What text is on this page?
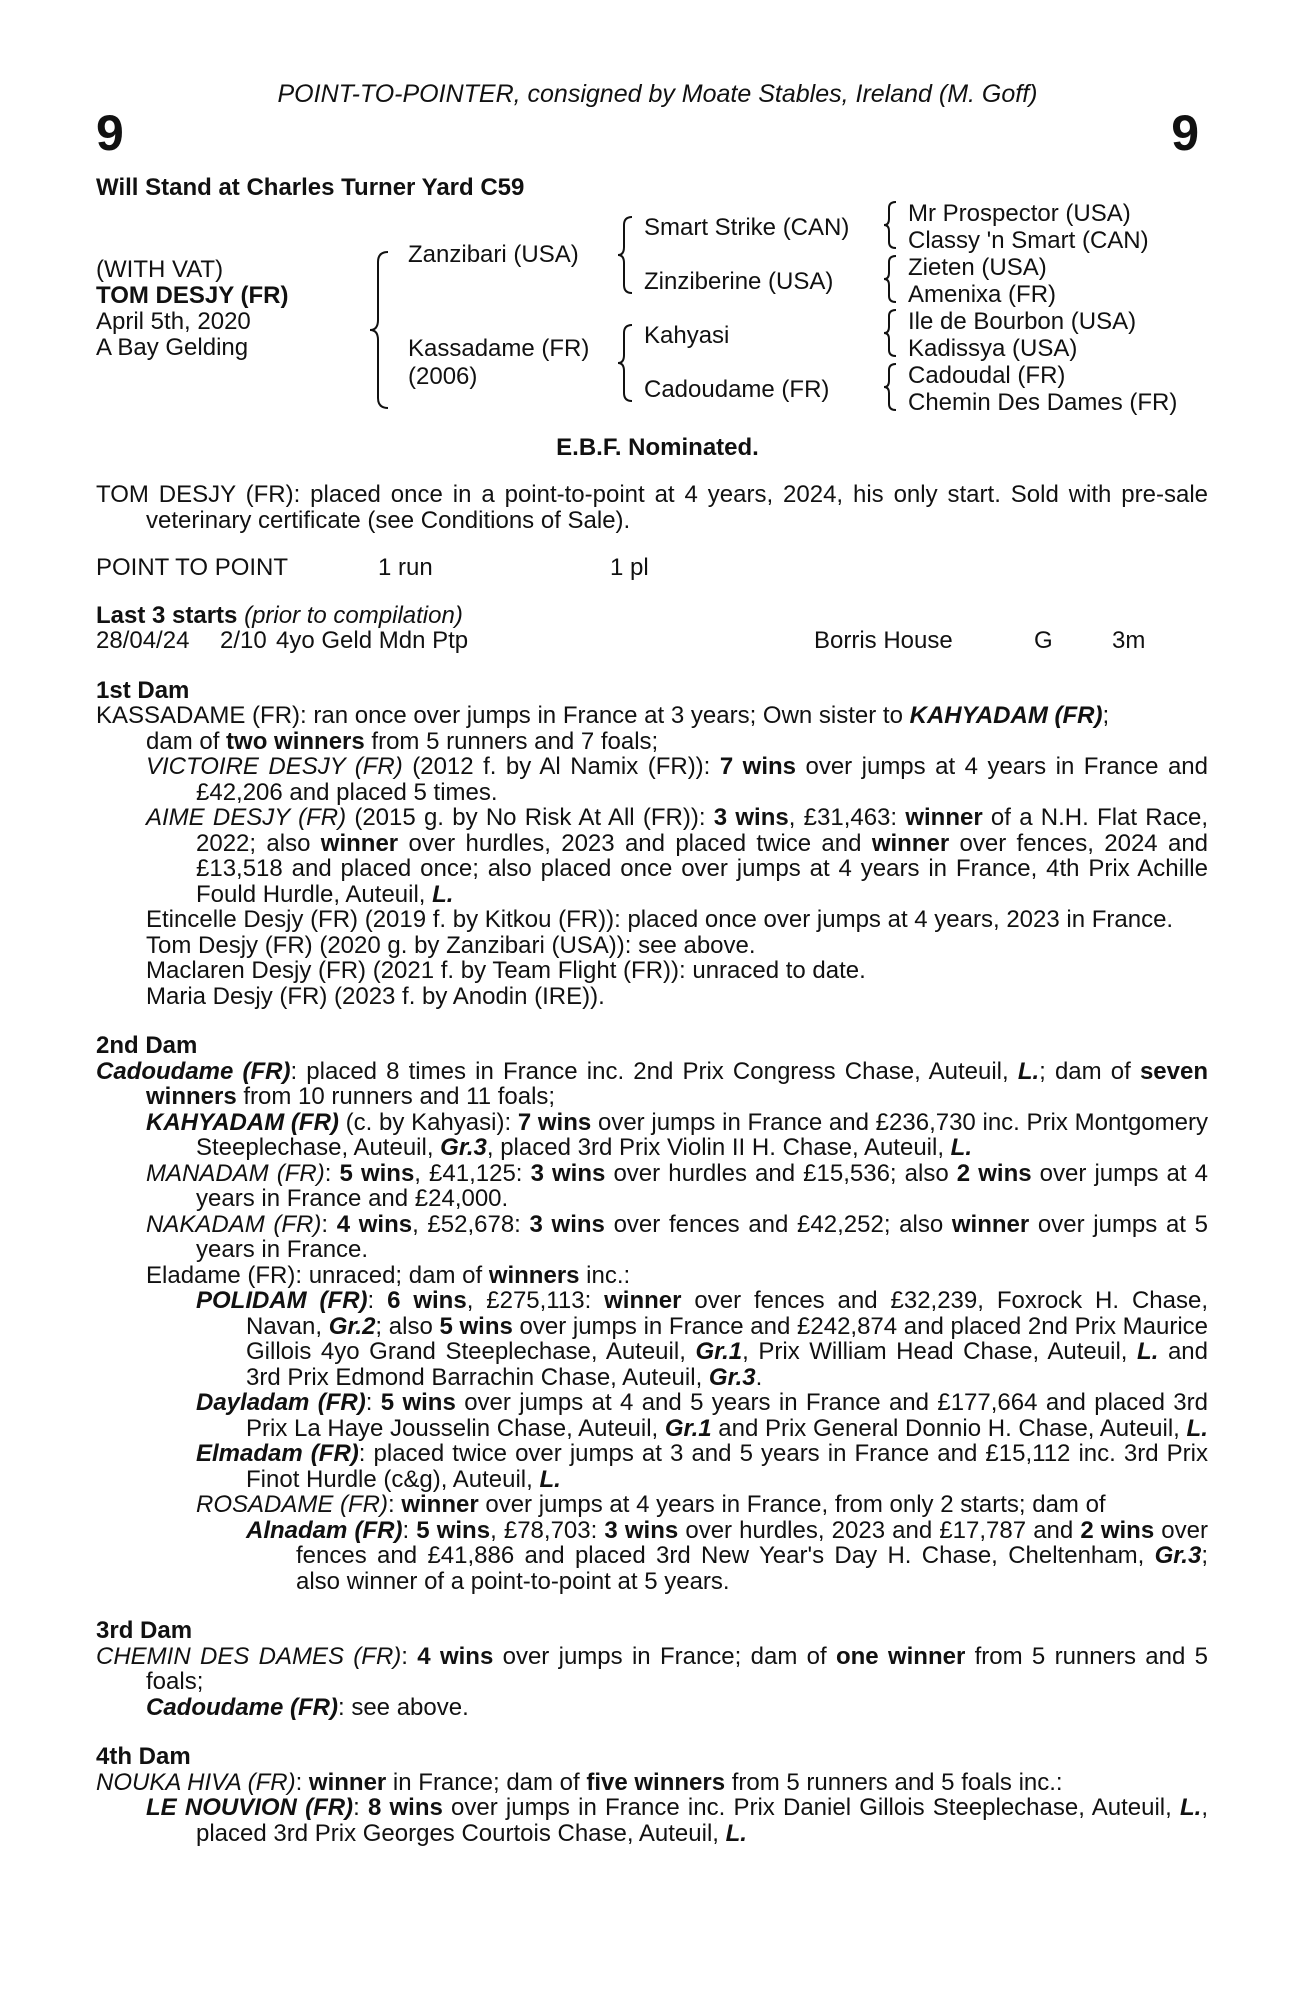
POINT-TO-POINTER, consigned by Moate Stables, Ireland (M. Goff)
9	9
Will Stand at Charles Turner Yard C59
(WITH VAT)
TOM DESJY (FR)
April 5th, 2020
A Bay Gelding
Zanzibari (USA)
Kassadame (FR)
(2006)
Smart Strike (CAN)
Zinziberine (USA)
Kahyasi
Cadoudame (FR)
Mr Prospector (USA)
Classy 'n Smart (CAN)
Zieten (USA)
Amenixa (FR)
Ile de Bourbon (USA)
Kadissya (USA)
Cadoudal (FR)
Chemin Des Dames (FR)
E.B.F. Nominated.

TOM DESJY (FR): placed once in a point-to-point at 4 years, 2024, his only start. Sold with pre-sale veterinary certificate (see Conditions of Sale).

POINT TO POINT	1 run	1 pl
Last 3 starts (prior to compilation)
28/04/24	2/10 4yo Geld Mdn Ptp	Borris House	G	3m
1st Dam

KASSADAME (FR): ran once over jumps in France at 3 years; Own sister to KAHYADAM (FR);
dam of two winners from 5 runners and 7 foals;

VICTOIRE DESJY (FR) (2012 f. by Al Namix (FR)): 7 wins over jumps at 4 years in France and £42,206 and placed 5 times.

AIME DESJY (FR) (2015 g. by No Risk At All (FR)): 3 wins, £31,463: winner of a N.H. Flat Race, 2022; also winner over hurdles, 2023 and placed twice and winner over fences, 2024 and £13,518 and placed once; also placed once over jumps at 4 years in France, 4th Prix Achille Fould Hurdle, Auteuil, L.

Etincelle Desjy (FR) (2019 f. by Kitkou (FR)): placed once over jumps at 4 years, 2023 in France.

Tom Desjy (FR) (2020 g. by Zanzibari (USA)): see above.

Maclaren Desjy (FR) (2021 f. by Team Flight (FR)): unraced to date.

Maria Desjy (FR) (2023 f. by Anodin (IRE)).

2nd Dam

Cadoudame (FR): placed 8 times in France inc. 2nd Prix Congress Chase, Auteuil, L.; dam of seven winners from 10 runners and 11 foals;

KAHYADAM (FR) (c. by Kahyasi): 7 wins over jumps in France and £236,730 inc. Prix Montgomery Steeplechase, Auteuil, Gr.3, placed 3rd Prix Violin II H. Chase, Auteuil, L.

MANADAM (FR): 5 wins, £41,125: 3 wins over hurdles and £15,536; also 2 wins over jumps at 4 years in France and £24,000.

NAKADAM (FR): 4 wins, £52,678: 3 wins over fences and £42,252; also winner over jumps at 5 years in France.

Eladame (FR): unraced; dam of winners inc.:

POLIDAM (FR): 6 wins, £275,113: winner over fences and £32,239, Foxrock H. Chase, Navan, Gr.2; also 5 wins over jumps in France and £242,874 and placed 2nd Prix Maurice Gillois 4yo Grand Steeplechase, Auteuil, Gr.1, Prix William Head Chase, Auteuil, L. and 3rd Prix Edmond Barrachin Chase, Auteuil, Gr.3.

Dayladam (FR): 5 wins over jumps at 4 and 5 years in France and £177,664 and placed 3rd Prix La Haye Jousselin Chase, Auteuil, Gr.1 and Prix General Donnio H. Chase, Auteuil, L.

Elmadam (FR): placed twice over jumps at 3 and 5 years in France and £15,112 inc. 3rd Prix Finot Hurdle (c&g), Auteuil, L.

ROSADAME (FR): winner over jumps at 4 years in France, from only 2 starts; dam of

Alnadam (FR): 5 wins, £78,703: 3 wins over hurdles, 2023 and £17,787 and 2 wins over fences and £41,886 and placed 3rd New Year's Day H. Chase, Cheltenham, Gr.3; also winner of a point-to-point at 5 years.

3rd Dam

CHEMIN DES DAMES (FR): 4 wins over jumps in France; dam of one winner from 5 runners and 5 foals;

Cadoudame (FR): see above.

4th Dam

NOUKA HIVA (FR): winner in France; dam of five winners from 5 runners and 5 foals inc.:

LE NOUVION (FR): 8 wins over jumps in France inc. Prix Daniel Gillois Steeplechase, Auteuil, L., placed 3rd Prix Georges Courtois Chase, Auteuil, L.
